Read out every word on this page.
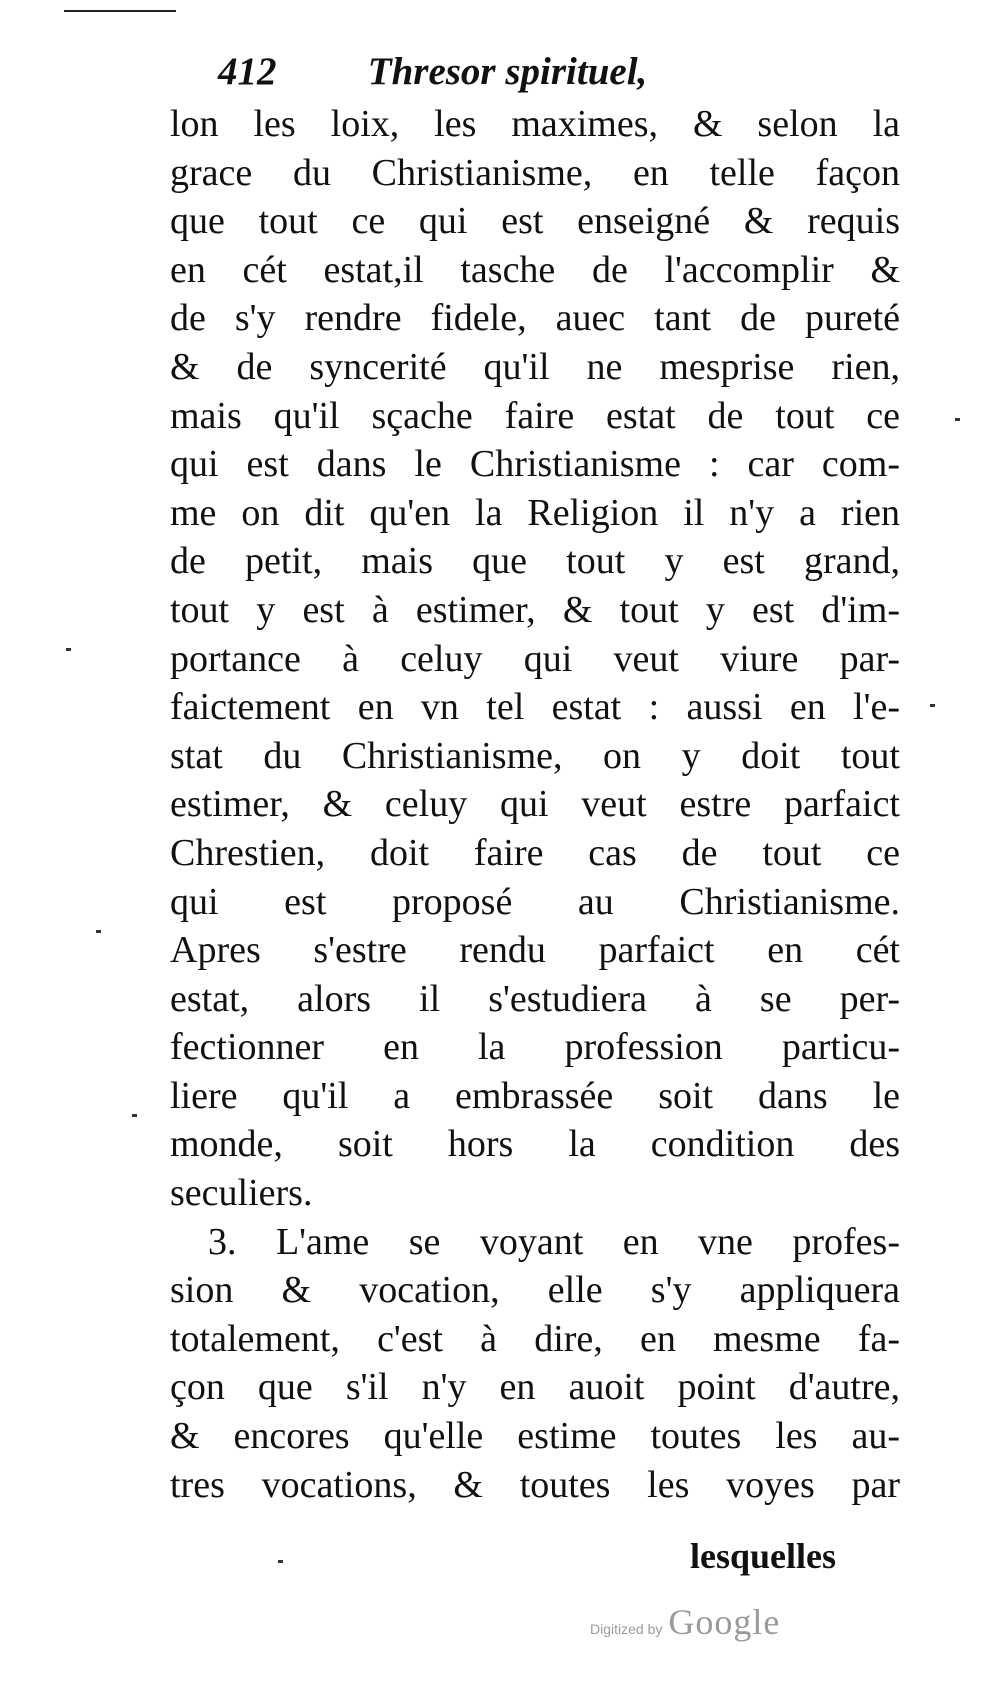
412 Thresor spirituel,
lon les loix, les maximes, & selon la
grace du Christianisme, en telle façon
que tout ce qui est enseigné & requis
en cét estat,il tasche de l'accomplir &
de s'y rendre fidele, auec tant de pureté
& de syncerité qu'il ne mesprise rien,
mais qu'il sçache faire estat de tout ce
qui est dans le Christianisme : car com-
me on dit qu'en la Religion il n'y a rien
de petit, mais que tout y est grand,
tout y est à estimer, & tout y est d'im-
portance à celuy qui veut viure par-
faictement en vn tel estat : aussi en l'e-
stat du Christianisme, on y doit tout
estimer, & celuy qui veut estre parfaict
Chrestien, doit faire cas de tout ce
qui est proposé au Christianisme.
Apres s'estre rendu parfaict en cét
estat, alors il s'estudiera à se per-
fectionner en la profession particu-
liere qu'il a embrassée soit dans le
monde, soit hors la condition des
seculiers.
3. L'ame se voyant en vne profes-
sion & vocation, elle s'y appliquera
totalement, c'est à dire, en mesme fa-
çon que s'il n'y en auoit point d'autre,
& encores qu'elle estime toutes les au-
tres vocations, & toutes les voyes par
lesquelles
Digitized by Google
